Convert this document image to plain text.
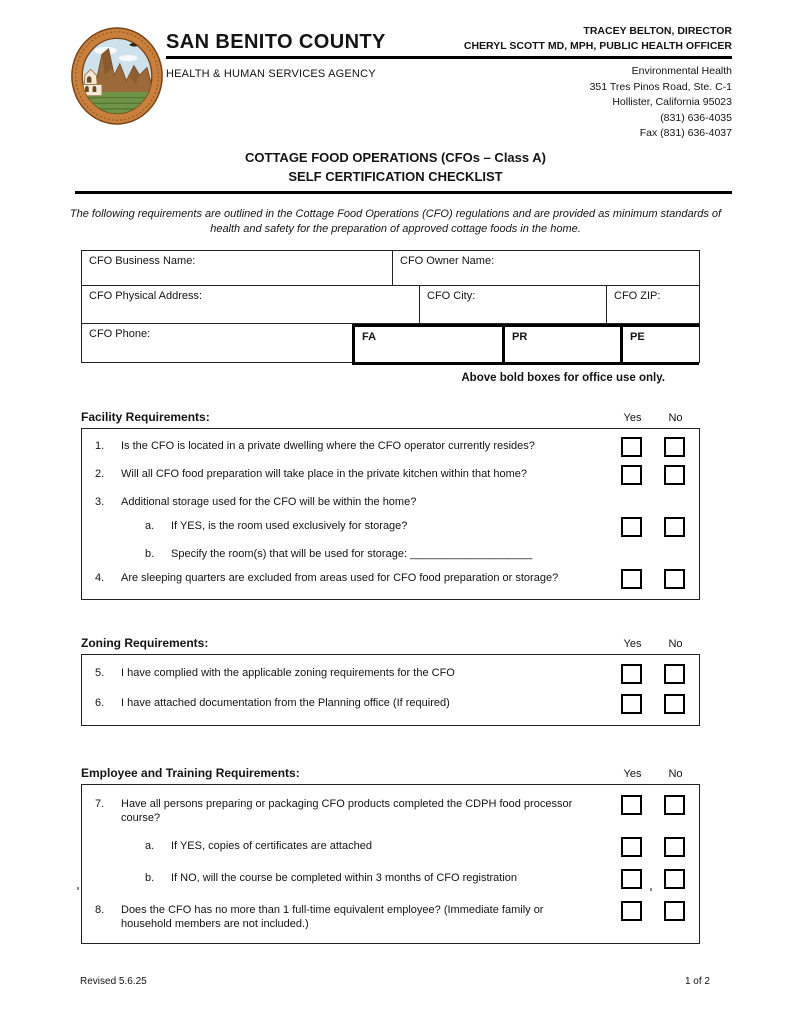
SAN BENITO COUNTY	TRACEY BELTON, DIRECTOR
CHERYL SCOTT MD, MPH, PUBLIC HEALTH OFFICER
HEALTH & HUMAN SERVICES AGENCY	Environmental Health
351 Tres Pinos Road, Ste. C-1
Hollister, California 95023
(831) 636-4035
Fax (831) 636-4037
COTTAGE FOOD OPERATIONS (CFOs – Class A)
SELF CERTIFICATION CHECKLIST
The following requirements are outlined in the Cottage Food Operations (CFO) regulations and are provided as minimum standards of health and safety for the preparation of approved cottage foods in the home.
CFO Business Name:	CFO Owner Name:
CFO Physical Address:	CFO City:	CFO ZIP:
CFO Phone:	FA	PR	PE
Above bold boxes for office use only.
Facility Requirements:	Yes	No
1.	Is the CFO is located in a private dwelling where the CFO operator currently resides?
2.	Will all CFO food preparation will take place in the private kitchen within that home?
3.	Additional storage used for the CFO will be within the home?
a.	If YES, is the room used exclusively for storage?
b.	Specify the room(s) that will be used for storage: ____________________
4.	Are sleeping quarters are excluded from areas used for CFO food preparation or storage?
Zoning Requirements:	Yes	No
5.	I have complied with the applicable zoning requirements for the CFO
6.	I have attached documentation from the Planning office (If required)
Employee and Training Requirements:	Yes	No
7.	Have all persons preparing or packaging CFO products completed the CDPH food processor course?
a.	If YES, copies of certificates are attached
b.	If NO, will the course be completed within 3 months of CFO registration
8.	Does the CFO has no more than 1 full-time equivalent employee? (Immediate family or household members are not included.)
Revised 5.6.25	1 of 2
